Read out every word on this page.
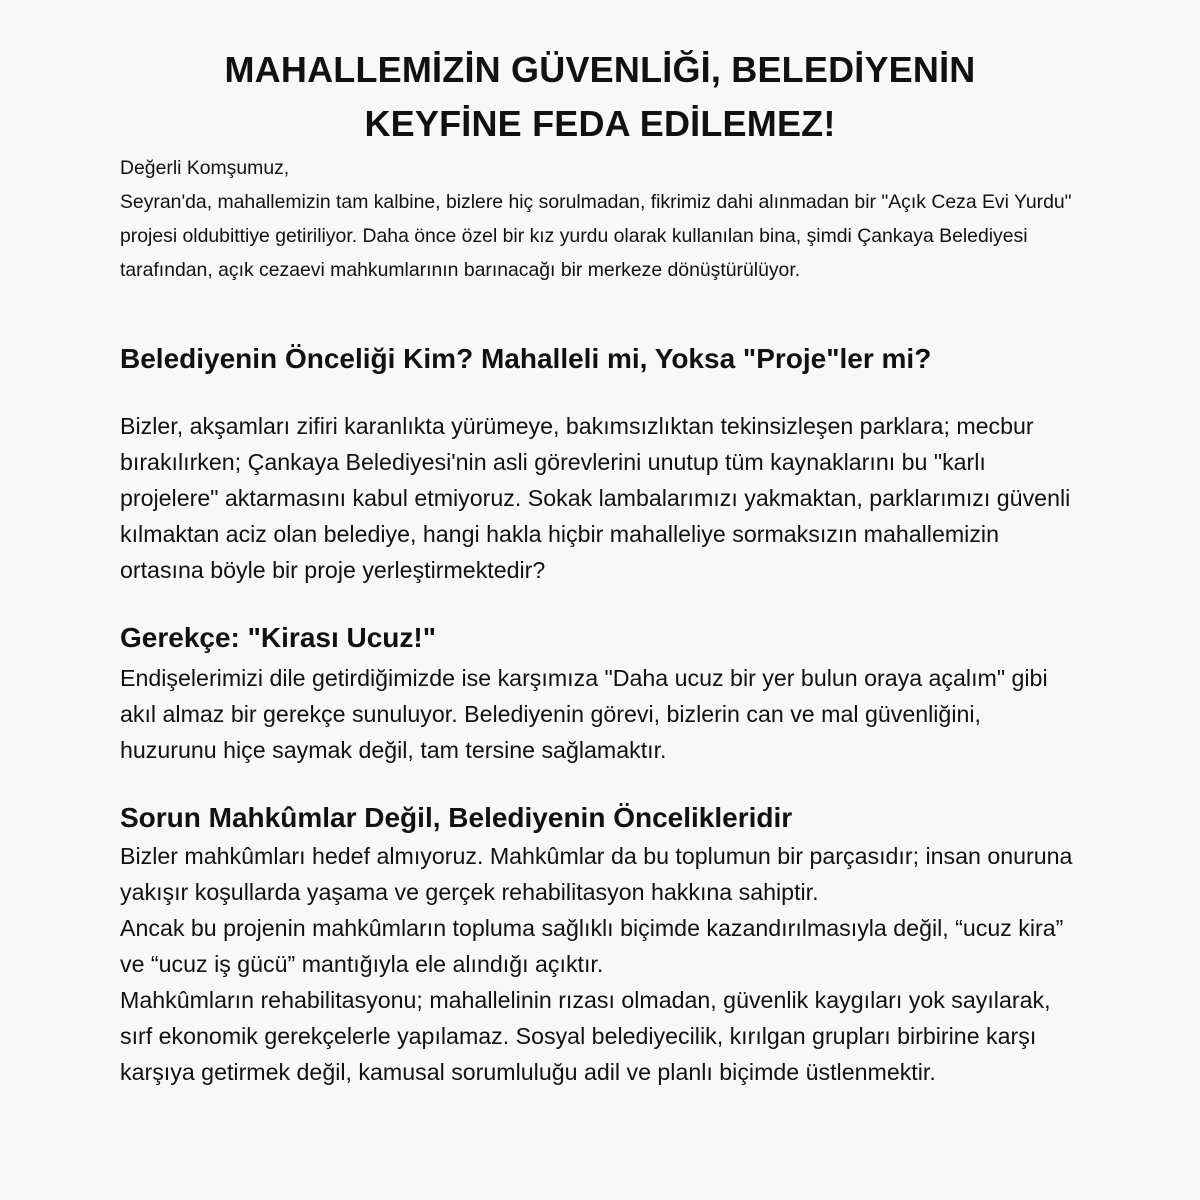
MAHALLEMİZİN GÜVENLİĞİ, BELEDİYENİN
KEYFİNE FEDA EDİLEMEZ!

Değerli Komşumuz,

Seyran'da, mahallemizin tam kalbine, bizlere hiç sorulmadan, fikrimiz dahi alınmadan bir "Açık Ceza Evi Yurdu" projesi oldubittiye getiriliyor. Daha önce özel bir kız yurdu olarak kullanılan bina, şimdi Çankaya Belediyesi tarafından, açık cezaevi mahkumlarının barınacağı bir merkeze dönüştürülüyor.

Belediyenin Önceliği Kim? Mahalleli mi, Yoksa "Proje"ler mi?

Bizler, akşamları zifiri karanlıkta yürümeye, bakımsızlıktan tekinsizleşen parklara; mecbur bırakılırken; Çankaya Belediyesi'nin asli görevlerini unutup tüm kaynaklarını bu "karlı projelere" aktarmasını kabul etmiyoruz. Sokak lambalarımızı yakmaktan, parklarımızı güvenli kılmaktan aciz olan belediye, hangi hakla hiçbir mahalleliye sormaksızın mahallemizin ortasına böyle bir proje yerleştirmektedir?

Gerekçe: "Kirası Ucuz!"

Endişelerimizi dile getirdiğimizde ise karşımıza "Daha ucuz bir yer bulun oraya açalım" gibi akıl almaz bir gerekçe sunuluyor. Belediyenin görevi, bizlerin can ve mal güvenliğini, huzurunu hiçe saymak değil, tam tersine sağlamaktır.

Sorun Mahkûmlar Değil, Belediyenin Öncelikleridir

Bizler mahkûmları hedef almıyoruz. Mahkûmlar da bu toplumun bir parçasıdır; insan onuruna yakışır koşullarda yaşama ve gerçek rehabilitasyon hakkına sahiptir.

Ancak bu projenin mahkûmların topluma sağlıklı biçimde kazandırılmasıyla değil, “ucuz kira” ve “ucuz iş gücü” mantığıyla ele alındığı açıktır.

Mahkûmların rehabilitasyonu; mahallelinin rızası olmadan, güvenlik kaygıları yok sayılarak, sırf ekonomik gerekçelerle yapılamaz. Sosyal belediyecilik, kırılgan grupları birbirine karşı karşıya getirmek değil, kamusal sorumluluğu adil ve planlı biçimde üstlenmektir.
